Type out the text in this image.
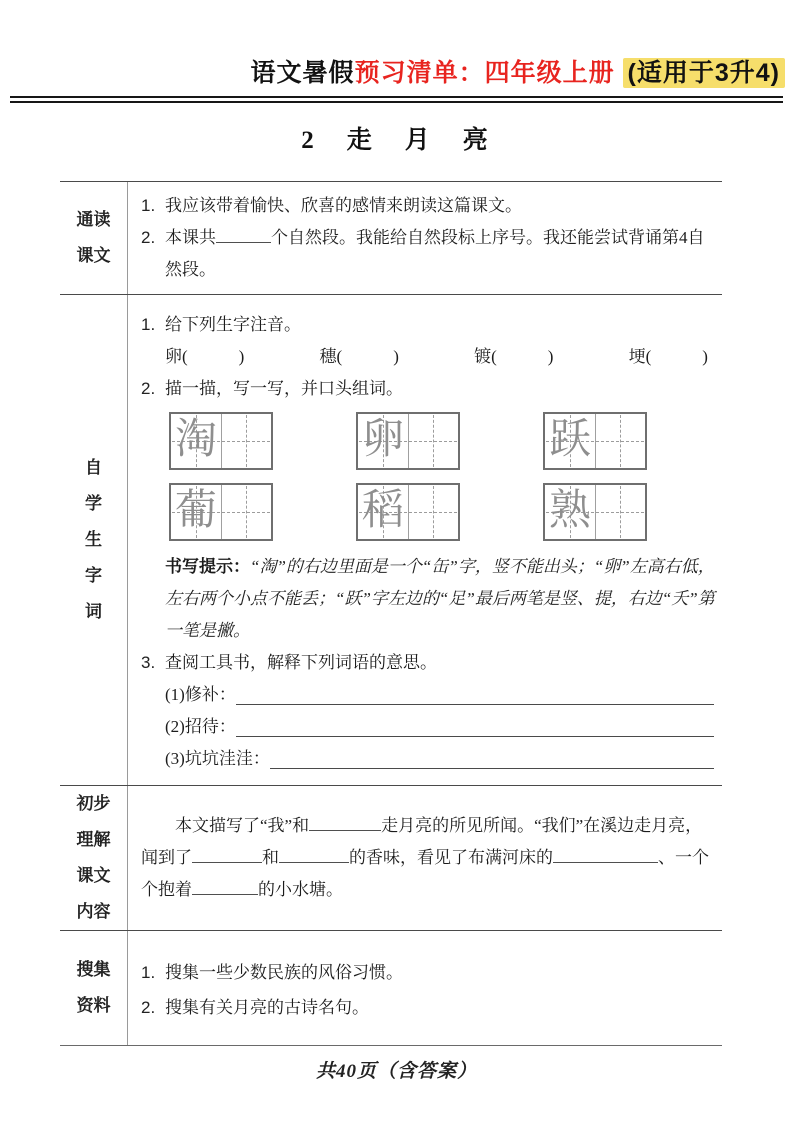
语文暑假预习清单：四年级上册 (适用于3升4)
2　走　月　亮
通读
课文
1. 我应该带着愉快、欣喜的感情来朗读这篇课文。
2. 本课共	个自然段。我能给自然段标上序号。我还能尝试背诵第4自然段。
自
学
生
字
词
1. 给下列生字注音。
卵(　　　)	穗(　　　)	镀(　　　)	埂(　　　)
2. 描一描，写一写，并口头组词。
淘	卵	跃
葡	稻	熟
书写提示：“淘”的右边里面是一个“缶”字，竖不能出头；“卵”左高右低，左右两个小点不能丢；“跃”字左边的“足”最后两笔是竖、提，右边“夭”第一笔是撇。
3. 查阅工具书，解释下列词语的意思。
(1)修补：
(2)招待：
(3)坑坑洼洼：
初步
理解
课文
内容
本文描写了“我”和	走月亮的所见所闻。“我们”在溪边走月亮，闻到了	和	的香味，看见了布满河床的	、一个个抱着	的小水塘。
搜集
资料
1. 搜集一些少数民族的风俗习惯。
2. 搜集有关月亮的古诗名句。
共40页（含答案）
